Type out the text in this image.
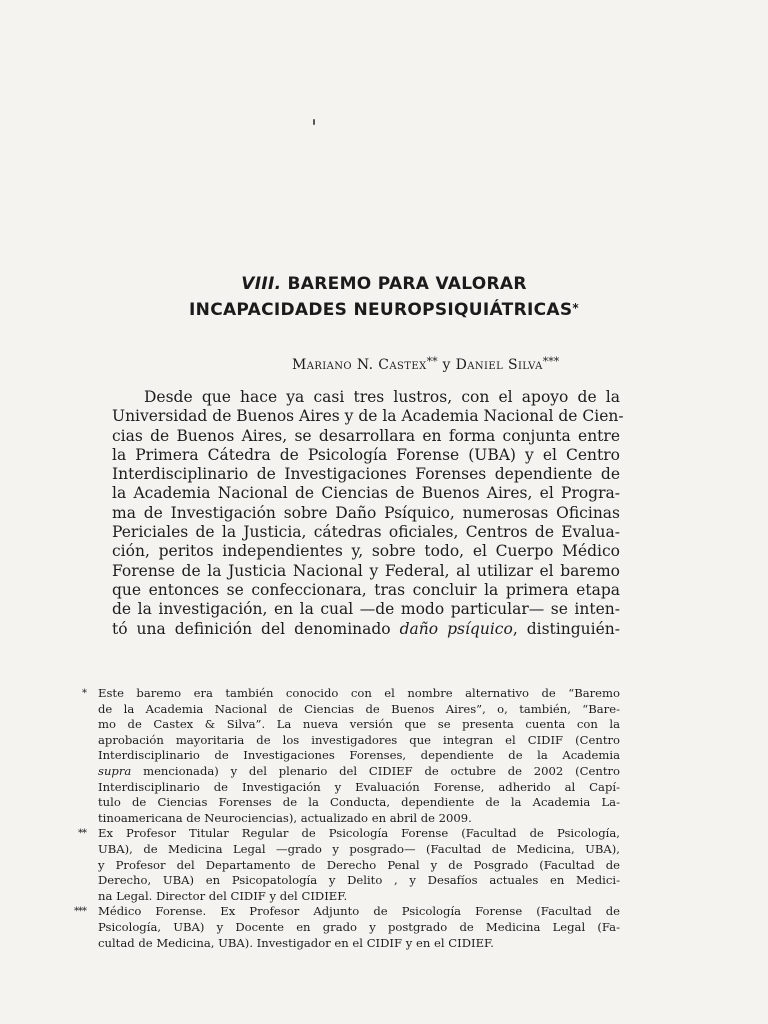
VIII. BAREMO PARA VALORAR
INCAPACIDADES NEUROPSIQUIÁTRICAS*
Mariano N. Castex** y Daniel Silva***
Desde que hace ya casi tres lustros, con el apoyo de la
Universidad de Buenos Aires y de la Academia Nacional de Cien-
cias de Buenos Aires, se desarrollara en forma conjunta entre
la Primera Cátedra de Psicología Forense (UBA) y el Centro
Interdisciplinario de Investigaciones Forenses dependiente de
la Academia Nacional de Ciencias de Buenos Aires, el Progra-
ma de Investigación sobre Daño Psíquico, numerosas Oficinas
Periciales de la Justicia, cátedras oficiales, Centros de Evalua-
ción, peritos independientes y, sobre todo, el Cuerpo Médico
Forense de la Justicia Nacional y Federal, al utilizar el baremo
que entonces se confeccionara, tras concluir la primera etapa
de la investigación, en la cual —de modo particular— se inten-
tó una definición del denominado daño psíquico, distinguién-
*	Este baremo era también conocido con el nombre alternativo de “Baremo
de la Academia Nacional de Ciencias de Buenos Aires”, o, también, “Bare-
mo de Castex & Silva”. La nueva versión que se presenta cuenta con la
aprobación mayoritaria de los investigadores que integran el CIDIF (Centro
Interdisciplinario de Investigaciones Forenses, dependiente de la Academia
supra mencionada) y del plenario del CIDIEF de octubre de 2002 (Centro
Interdisciplinario de Investigación y Evaluación Forense, adherido al Capí-
tulo de Ciencias Forenses de la Conducta, dependiente de la Academia La-
tinoamericana de Neurociencias), actualizado en abril de 2009.
**	Ex Profesor Titular Regular de Psicología Forense (Facultad de Psicología,
UBA), de Medicina Legal —grado y posgrado— (Facultad de Medicina, UBA),
y Profesor del Departamento de Derecho Penal y de Posgrado (Facultad de
Derecho, UBA) en Psicopatología y Delito , y Desafíos actuales en Medici-
na Legal. Director del CIDIF y del CIDIEF.
***	Médico Forense. Ex Profesor Adjunto de Psicología Forense (Facultad de
Psicología, UBA) y Docente en grado y postgrado de Medicina Legal (Fa-
cultad de Medicina, UBA). Investigador en el CIDIF y en el CIDIEF.
